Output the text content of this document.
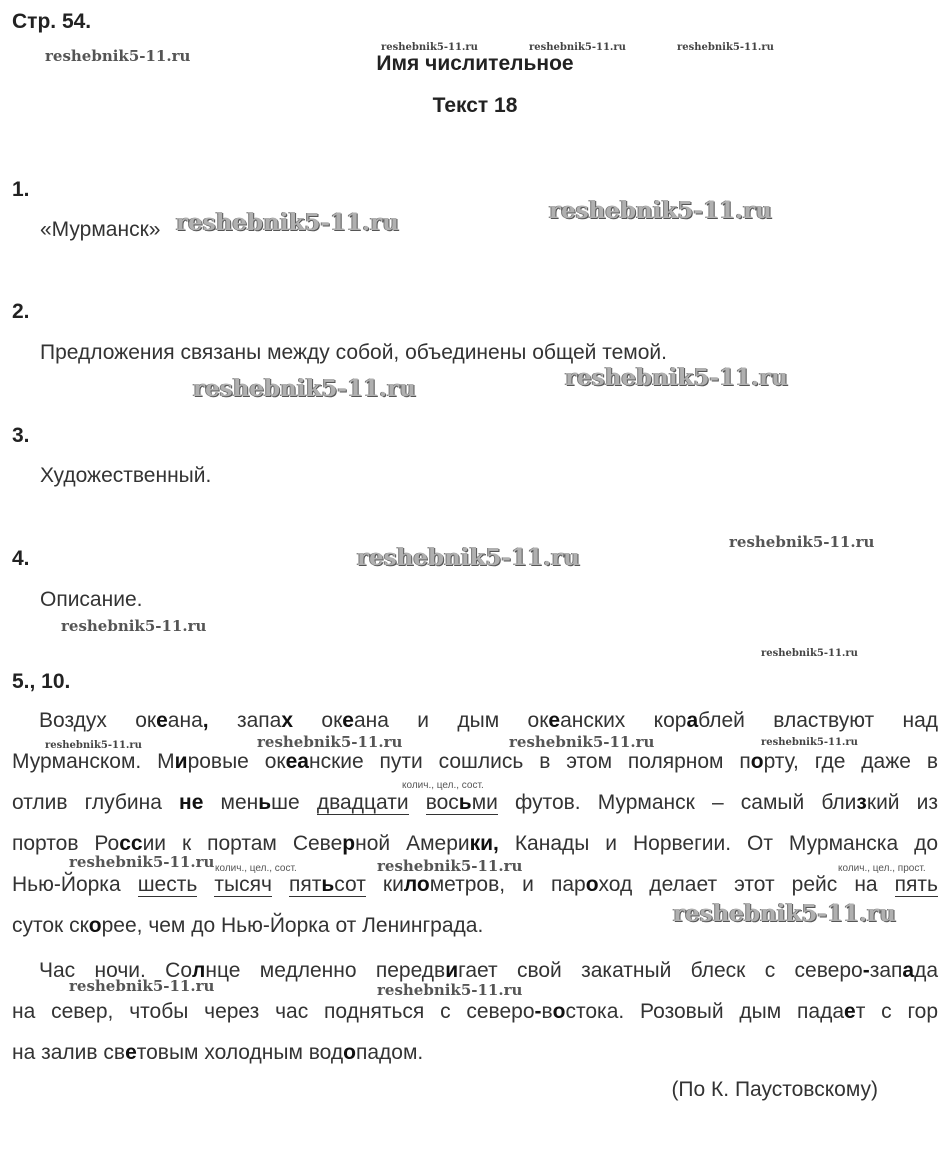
Стр. 54.
Имя числительное
Текст 18
1.
«Мурманск»
2.
Предложения связаны между собой, объединены общей темой.
3.
Художественный.
4.
Описание.
5., 10.
Воздух океана, запах океана и дым океанских кораблей властвуют над
Мурманском. Мировые океанские пути сошлись в этом полярном порту, где даже в
отлив глубина не меньше двадцати восьми футов. Мурманск – самый близкий из
портов России к портам Северной Америки, Канады и Норвегии. От Мурманска до
Нью-Йорка шесть тысяч пятьсот километров, и пароход делает этот рейс на пять
суток скорее, чем до Нью-Йорка от Ленинграда.
Час ночи. Солнце медленно передвигает свой закатный блеск с северо-запада
на север, чтобы через час подняться с северо-востока. Розовый дым падает с гор
на залив световым холодным водопадом.
колич., цел., сост.
колич., цел., сост.
колич., цел., прост.
(По К. Паустовскому)
reshebnik5-11.ru	reshebnik5-11.ru	reshebnik5-11.ru	reshebnik5-11.ru
reshebnik5-11.ru	reshebnik5-11.ru
reshebnik5-11.ru	reshebnik5-11.ru
reshebnik5-11.ru
reshebnik5-11.ru
reshebnik5-11.ru
reshebnik5-11.ru
reshebnik5-11.ru	reshebnik5-11.ru	reshebnik5-11.ru	reshebnik5-11.ru
reshebnik5-11.ru	reshebnik5-11.ru
reshebnik5-11.ru
reshebnik5-11.ru	reshebnik5-11.ru
